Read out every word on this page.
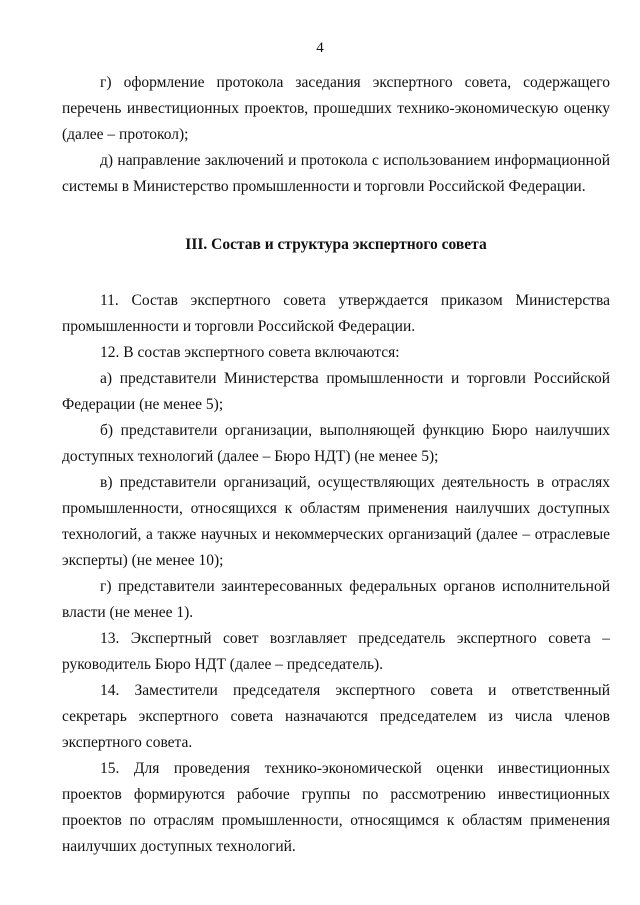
4

г) оформление протокола заседания экспертного совета, содержащего перечень инвестиционных проектов, прошедших технико-экономическую оценку (далее – протокол);

д) направление заключений и протокола с использованием информационной системы в Министерство промышленности и торговли Российской Федерации.

III. Состав и структура экспертного совета

11. Состав экспертного совета утверждается приказом Министерства промышленности и торговли Российской Федерации.

12. В состав экспертного совета включаются:

а) представители Министерства промышленности и торговли Российской Федерации (не менее 5);

б) представители организации, выполняющей функцию Бюро наилучших доступных технологий (далее – Бюро НДТ) (не менее 5);

в) представители организаций, осуществляющих деятельность в отраслях промышленности, относящихся к областям применения наилучших доступных технологий, а также научных и некоммерческих организаций (далее – отраслевые эксперты) (не менее 10);

г) представители заинтересованных федеральных органов исполнительной власти (не менее 1).

13. Экспертный совет возглавляет председатель экспертного совета – руководитель Бюро НДТ (далее – председатель).

14. Заместители председателя экспертного совета и ответственный секретарь экспертного совета назначаются председателем из числа членов экспертного совета.

15. Для проведения технико-экономической оценки инвестиционных проектов формируются рабочие группы по рассмотрению инвестиционных проектов по отраслям промышленности, относящимся к областям применения наилучших доступных технологий.
